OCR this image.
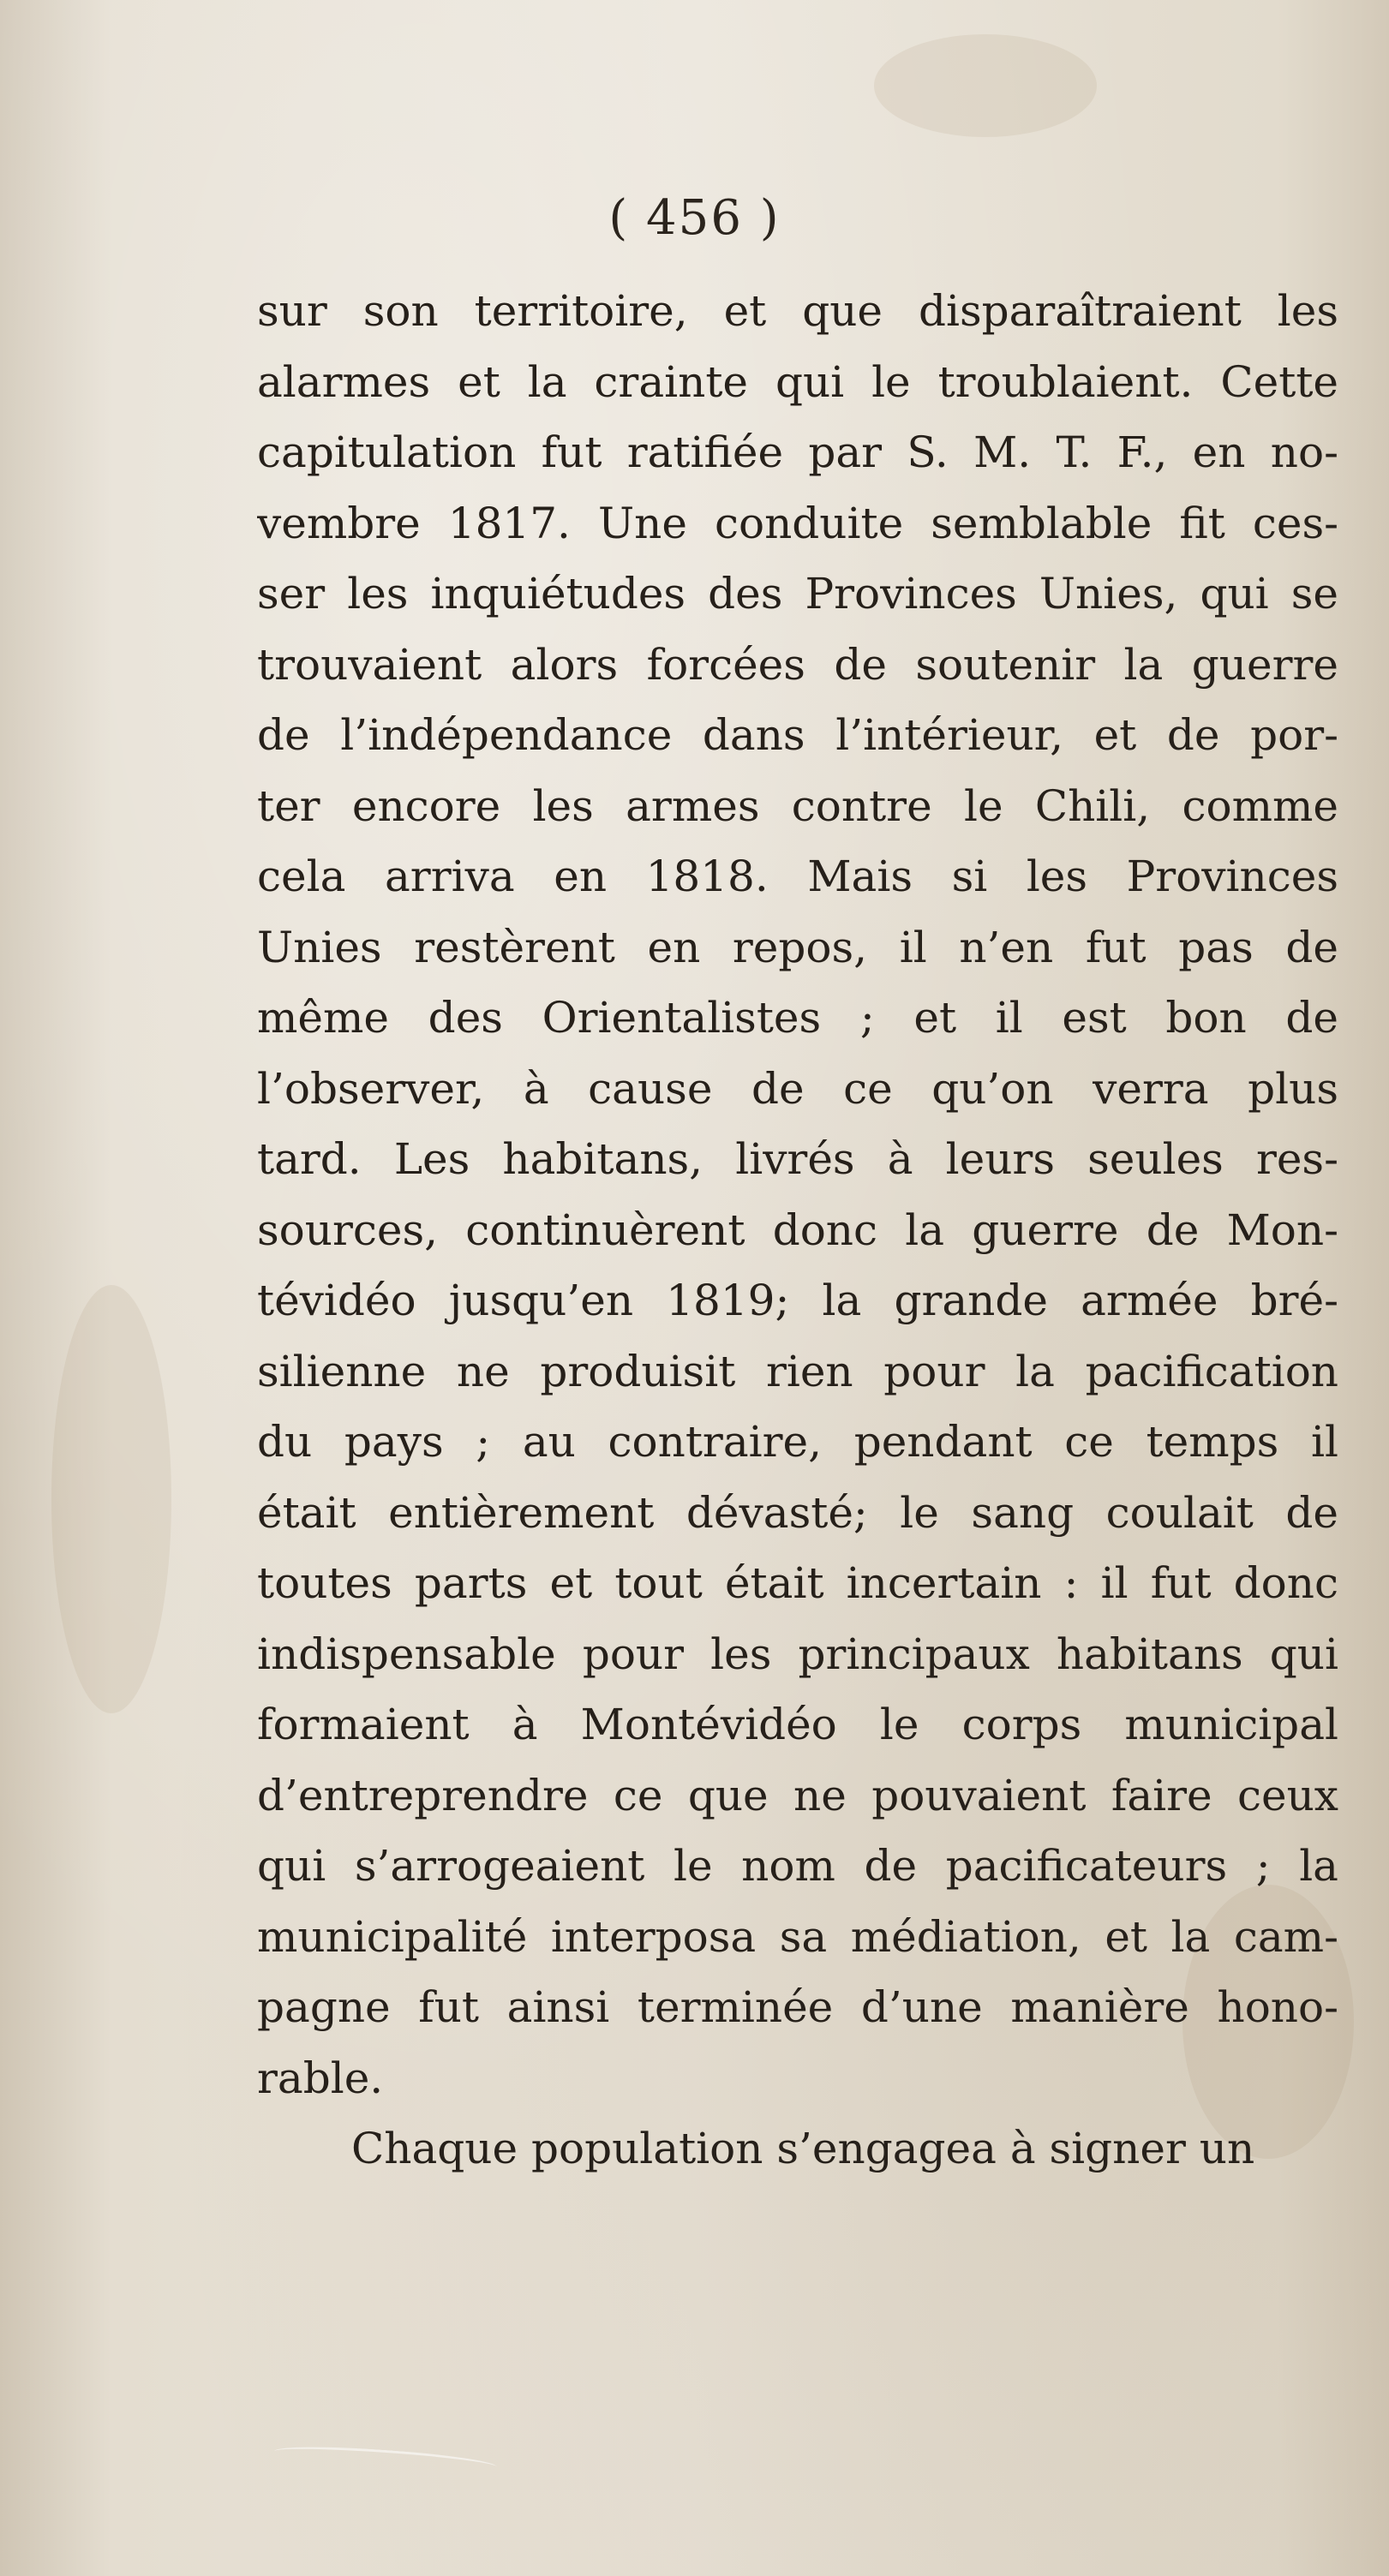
( 456 )
sur son territoire, et que disparaîtraient les
alarmes et la crainte qui le troublaient. Cette
capitulation fut ratifiée par S. M. T. F., en no-
vembre 1817. Une conduite semblable fit ces-
ser les inquiétudes des Provinces Unies, qui se
trouvaient alors forcées de soutenir la guerre
de l’indépendance dans l’intérieur, et de por-
ter encore les armes contre le Chili, comme
cela arriva en 1818. Mais si les Provinces
Unies restèrent en repos, il n’en fut pas de
même des Orientalistes ; et il est bon de
l’observer, à cause de ce qu’on verra plus
tard. Les habitans, livrés à leurs seules res-
sources, continuèrent donc la guerre de Mon-
tévidéo jusqu’en 1819; la grande armée bré-
silienne ne produisit rien pour la pacification
du pays ; au contraire, pendant ce temps il
était entièrement dévasté; le sang coulait de
toutes parts et tout était incertain : il fut donc
indispensable pour les principaux habitans qui
formaient à Montévidéo le corps municipal
d’entreprendre ce que ne pouvaient faire ceux
qui s’arrogeaient le nom de pacificateurs ; la
municipalité interposa sa médiation, et la cam-
pagne fut ainsi terminée d’une manière hono-
rable.
Chaque population s’engagea à signer un
